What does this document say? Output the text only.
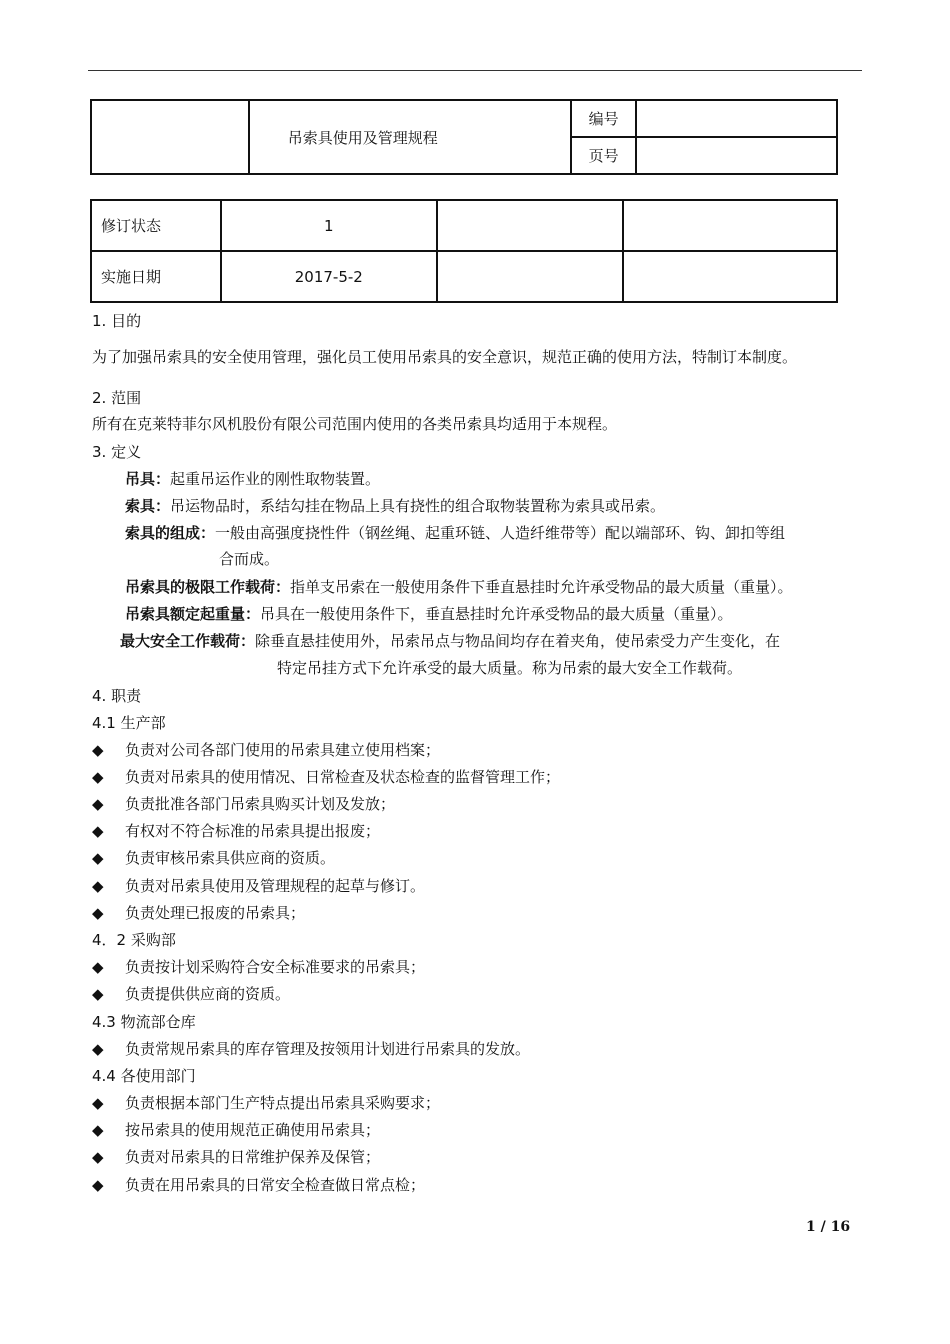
	吊索具使用及管理规程	编号	
		页号	
修订状态	1		
实施日期	2017-5-2		
1. 目的
为了加强吊索具的安全使用管理，强化员工使用吊索具的安全意识，规范正确的使用方法，特制订本制度。
2. 范围
所有在克莱特菲尔风机股份有限公司范围内使用的各类吊索具均适用于本规程。
3. 定义
吊具：起重吊运作业的刚性取物装置。
索具：吊运物品时，系结勾挂在物品上具有挠性的组合取物装置称为索具或吊索。
索具的组成：一般由高强度挠性件（钢丝绳、起重环链、人造纤维带等）配以端部环、钩、卸扣等组
合而成。
吊索具的极限工作载荷：指单支吊索在一般使用条件下垂直悬挂时允许承受物品的最大质量（重量）。
吊索具额定起重量：吊具在一般使用条件下，垂直悬挂时允许承受物品的最大质量（重量）。
最大安全工作载荷：除垂直悬挂使用外，吊索吊点与物品间均存在着夹角，使吊索受力产生变化，在
特定吊挂方式下允许承受的最大质量。称为吊索的最大安全工作载荷。
4. 职责
4.1 生产部
◆ 负责对公司各部门使用的吊索具建立使用档案；
◆ 负责对吊索具的使用情况、日常检查及状态检查的监督管理工作；
◆ 负责批准各部门吊索具购买计划及发放；
◆ 有权对不符合标准的吊索具提出报废；
◆ 负责审核吊索具供应商的资质。
◆ 负责对吊索具使用及管理规程的起草与修订。
◆ 负责处理已报废的吊索具；
4．2 采购部
◆ 负责按计划采购符合安全标准要求的吊索具；
◆ 负责提供供应商的资质。
4.3 物流部仓库
◆ 负责常规吊索具的库存管理及按领用计划进行吊索具的发放。
4.4 各使用部门
◆ 负责根据本部门生产特点提出吊索具采购要求；
◆ 按吊索具的使用规范正确使用吊索具；
◆ 负责对吊索具的日常维护保养及保管；
◆ 负责在用吊索具的日常安全检查做日常点检；
1 / 16
